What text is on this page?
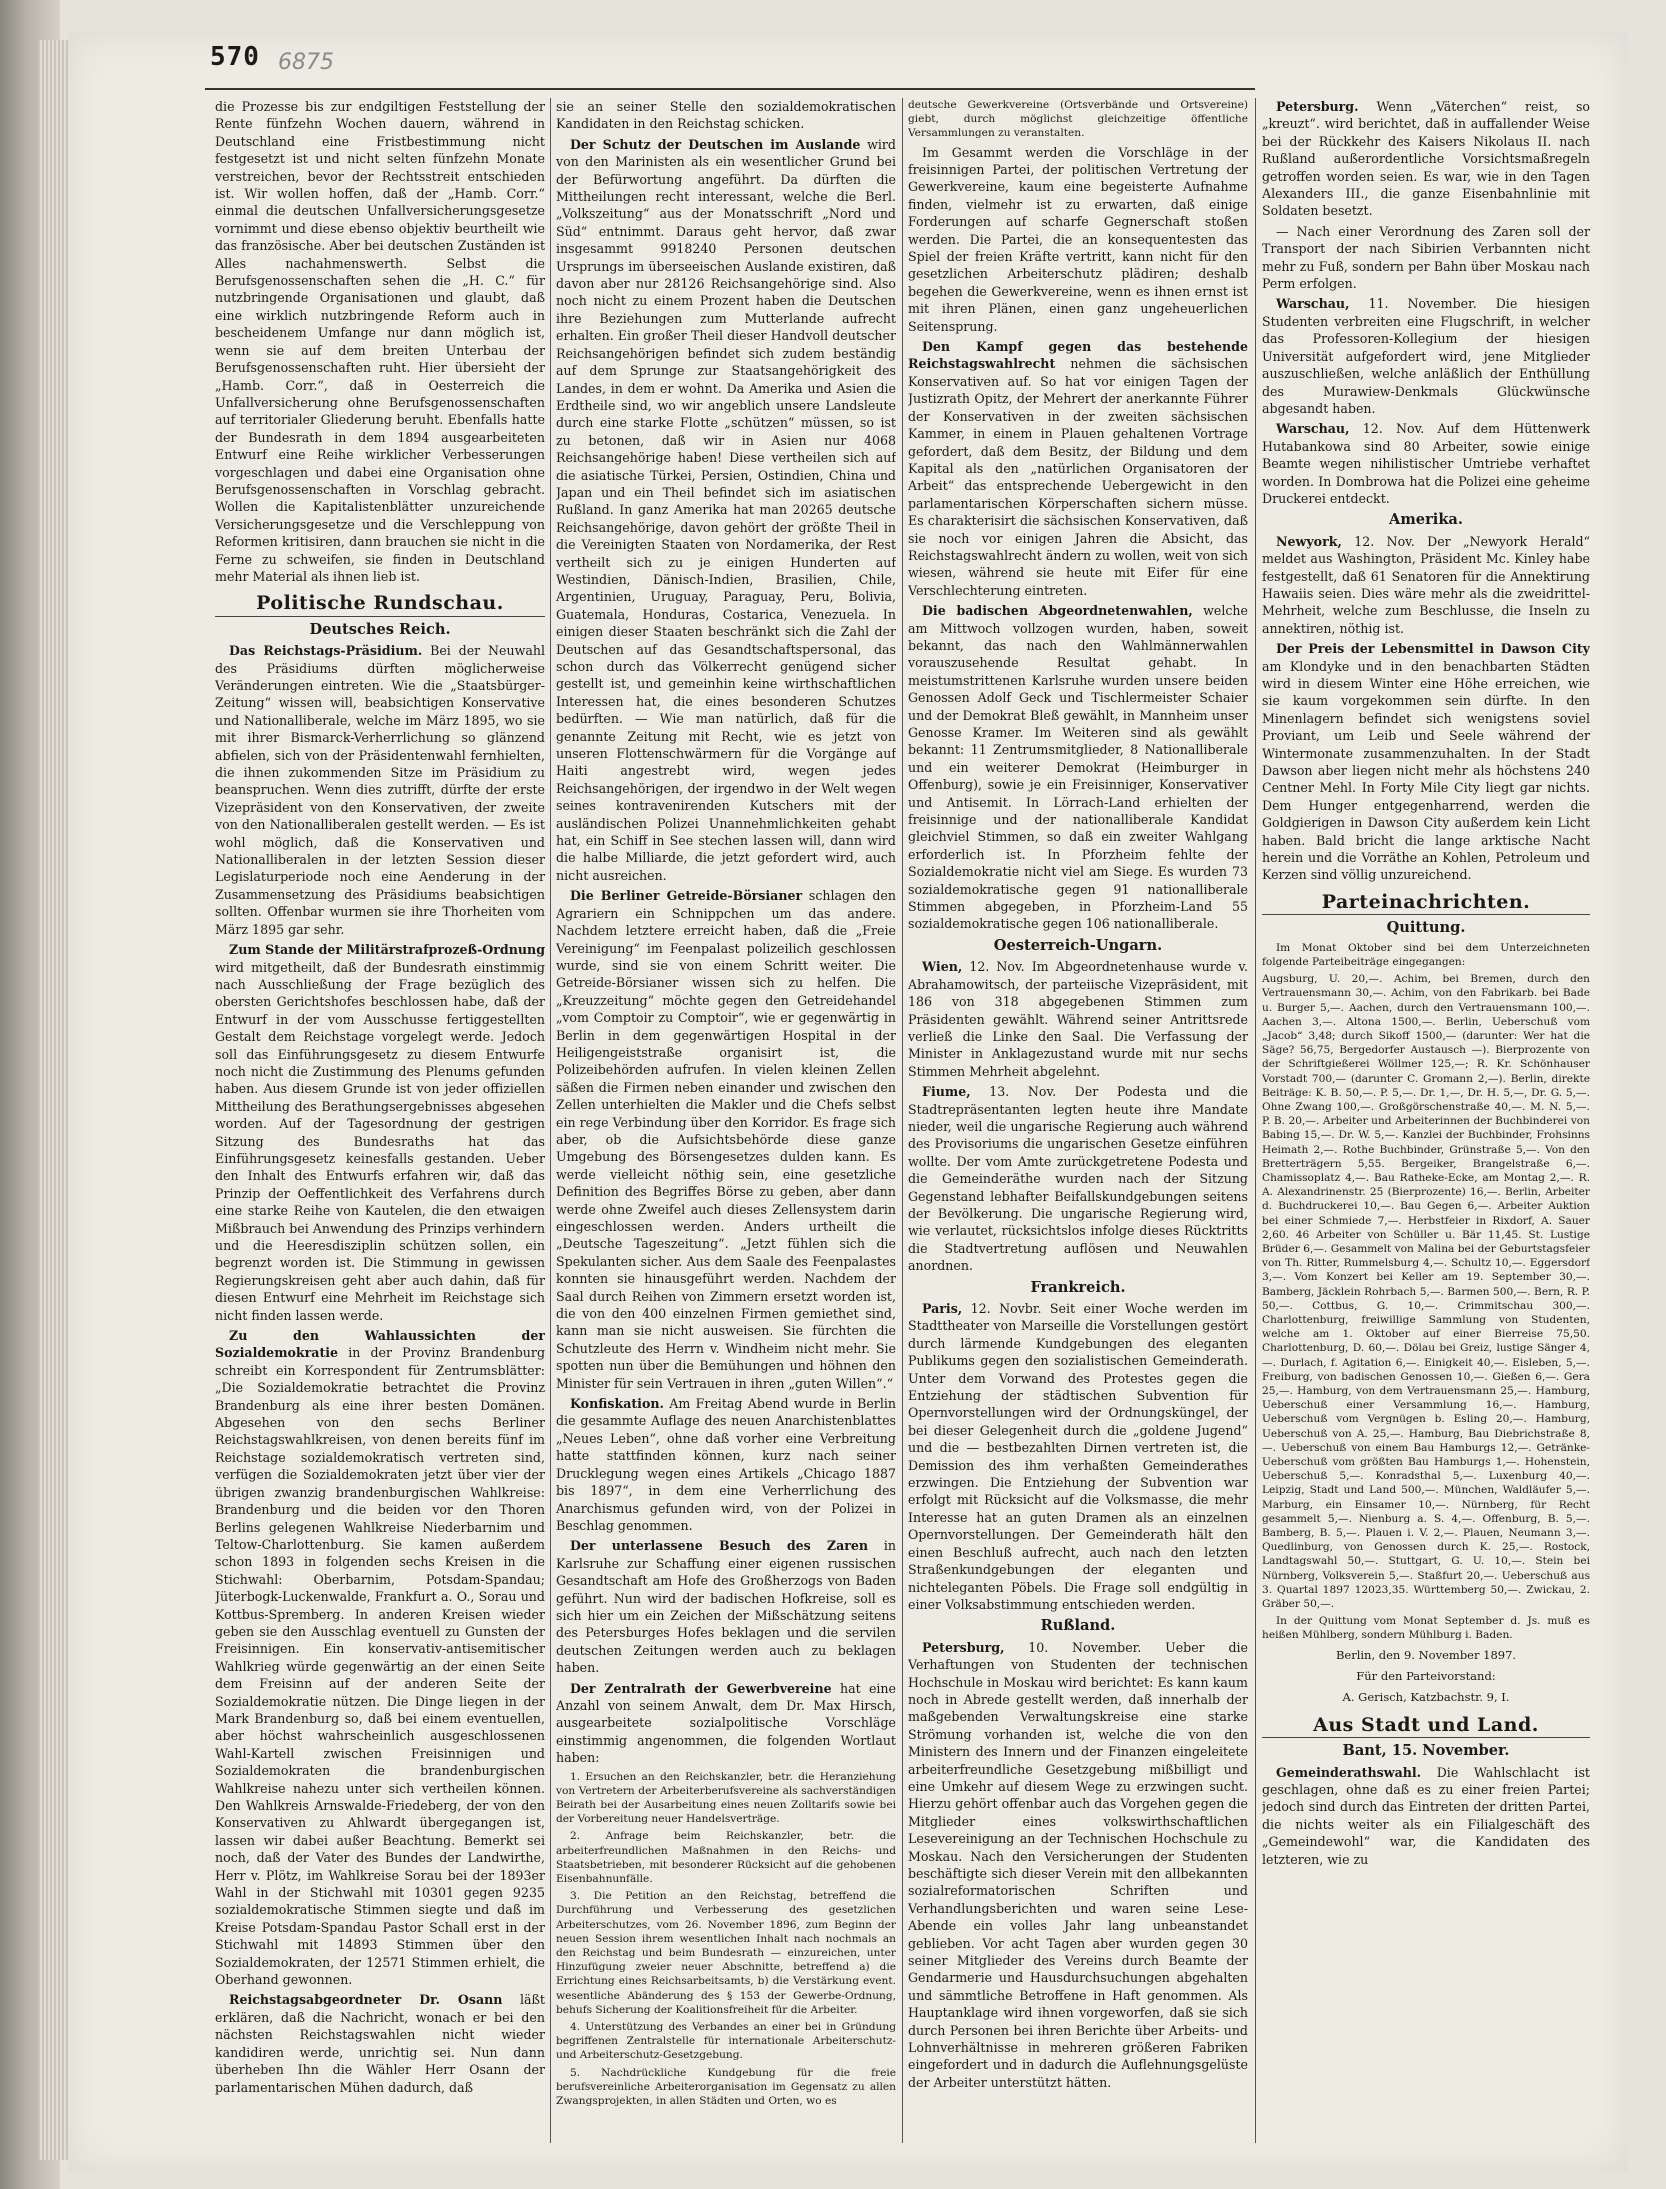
570 6875

die Prozesse bis zur endgiltigen Feststellung der Rente fünfzehn Wochen dauern, während in Deutschland eine Fristbestimmung nicht festgesetzt ist und nicht selten fünfzehn Monate verstreichen, bevor der Rechtsstreit entschieden ist. Wir wollen hoffen, daß der „Hamb. Corr.“ einmal die deutschen Unfallversicherungsgesetze vornimmt und diese ebenso objektiv beurtheilt wie das französische. Aber bei deutschen Zuständen ist Alles nachahmenswerth. Selbst die Berufsgenossenschaften sehen die „H. C.“ für nutzbringende Organisationen und glaubt, daß eine wirklich nutzbringende Reform auch in bescheidenem Umfange nur dann möglich ist, wenn sie auf dem breiten Unterbau der Berufsgenossenschaften ruht. Hier übersieht der „Hamb. Corr.“, daß in Oesterreich die Unfallversicherung ohne Berufsgenossenschaften auf territorialer Gliederung beruht. Ebenfalls hatte der Bundesrath in dem 1894 ausgearbeiteten Entwurf eine Reihe wirklicher Verbesserungen vorgeschlagen und dabei eine Organisation ohne Berufsgenossenschaften in Vorschlag gebracht. Wollen die Kapitalistenblätter unzureichende Versicherungsgesetze und die Verschleppung von Reformen kritisiren, dann brauchen sie nicht in die Ferne zu schweifen, sie finden in Deutschland mehr Material als ihnen lieb ist.

Politische Rundschau.
Deutsches Reich.

Das Reichstags-Präsidium. Bei der Neuwahl des Präsidiums dürften möglicherweise Veränderungen eintreten. Wie die „Staatsbürger-Zeitung“ wissen will, beabsichtigen Konservative und Nationalliberale, welche im März 1895, wo sie mit ihrer Bismarck-Verherrlichung so glänzend abfielen, sich von der Präsidentenwahl fernhielten, die ihnen zukommenden Sitze im Präsidium zu beanspruchen. Wenn dies zutrifft, dürfte der erste Vizepräsident von den Konservativen, der zweite von den Nationalliberalen gestellt werden. — Es ist wohl möglich, daß die Konservativen und Nationalliberalen in der letzten Session dieser Legislaturperiode noch eine Aenderung in der Zusammensetzung des Präsidiums beabsichtigen sollten. Offenbar wurmen sie ihre Thorheiten vom März 1895 gar sehr.

Zum Stande der Militärstrafprozeß-Ordnung wird mitgetheilt, daß der Bundesrath einstimmig nach Ausschließung der Frage bezüglich des obersten Gerichtshofes beschlossen habe, daß der Entwurf in der vom Ausschusse fertiggestellten Gestalt dem Reichstage vorgelegt werde. Jedoch soll das Einführungsgesetz zu diesem Entwurfe noch nicht die Zustimmung des Plenums gefunden haben. Aus diesem Grunde ist von jeder offiziellen Mittheilung des Berathungsergebnisses abgesehen worden. Auf der Tagesordnung der gestrigen Sitzung des Bundesraths hat das Einführungsgesetz keinesfalls gestanden. Ueber den Inhalt des Entwurfs erfahren wir, daß das Prinzip der Oeffentlichkeit des Verfahrens durch eine starke Reihe von Kautelen, die den etwaigen Mißbrauch bei Anwendung des Prinzips verhindern und die Heeresdisziplin schützen sollen, ein begrenzt worden ist. Die Stimmung in gewissen Regierungskreisen geht aber auch dahin, daß für diesen Entwurf eine Mehrheit im Reichstage sich nicht finden lassen werde.

Zu den Wahlaussichten der Sozialdemokratie in der Provinz Brandenburg schreibt ein Korrespondent für Zentrumsblätter: „Die Sozialdemokratie betrachtet die Provinz Brandenburg als eine ihrer besten Domänen. Abgesehen von den sechs Berliner Reichstagswahlkreisen, von denen bereits fünf im Reichstage sozialdemokratisch vertreten sind, verfügen die Sozialdemokraten jetzt über vier der übrigen zwanzig brandenburgischen Wahlkreise: Brandenburg und die beiden vor den Thoren Berlins gelegenen Wahlkreise Niederbarnim und Teltow-Charlottenburg. Sie kamen außerdem schon 1893 in folgenden sechs Kreisen in die Stichwahl: Oberbarnim, Potsdam-Spandau; Jüterbogk-Luckenwalde, Frankfurt a. O., Sorau und Kottbus-Spremberg. In anderen Kreisen wieder geben sie den Ausschlag eventuell zu Gunsten der Freisinnigen. Ein konservativ-antisemitischer Wahlkrieg würde gegenwärtig an der einen Seite dem Freisinn auf der anderen Seite der Sozialdemokratie nützen. Die Dinge liegen in der Mark Brandenburg so, daß bei einem eventuellen, aber höchst wahrscheinlich ausgeschlossenen Wahl-Kartell zwischen Freisinnigen und Sozialdemokraten die brandenburgischen Wahlkreise nahezu unter sich vertheilen können. Den Wahlkreis Arnswalde-Friedeberg, der von den Konservativen zu Ahlwardt übergegangen ist, lassen wir dabei außer Beachtung. Bemerkt sei noch, daß der Vater des Bundes der Landwirthe, Herr v. Plötz, im Wahlkreise Sorau bei der 1893er Wahl in der Stichwahl mit 10301 gegen 9235 sozialdemokratische Stimmen siegte und daß im Kreise Potsdam-Spandau Pastor Schall erst in der Stichwahl mit 14893 Stimmen über den Sozialdemokraten, der 12571 Stimmen erhielt, die Oberhand gewonnen.

Reichstagsabgeordneter Dr. Osann läßt erklären, daß die Nachricht, wonach er bei den nächsten Reichstagswahlen nicht wieder kandidiren werde, unrichtig sei. Nun dann überheben Ihn die Wähler Herr Osann der parlamentarischen Mühen dadurch, daß

sie an seiner Stelle den sozialdemokratischen Kandidaten in den Reichstag schicken.

Der Schutz der Deutschen im Auslande wird von den Marinisten als ein wesentlicher Grund bei der Befürwortung angeführt. Da dürften die Mittheilungen recht interessant, welche die Berl. „Volkszeitung“ aus der Monatsschrift „Nord und Süd“ entnimmt. Daraus geht hervor, daß zwar insgesammt 9918240 Personen deutschen Ursprungs im überseeischen Auslande existiren, daß davon aber nur 28126 Reichsangehörige sind. Also noch nicht zu einem Prozent haben die Deutschen ihre Beziehungen zum Mutterlande aufrecht erhalten. Ein großer Theil dieser Handvoll deutscher Reichsangehörigen befindet sich zudem beständig auf dem Sprunge zur Staatsangehörigkeit des Landes, in dem er wohnt. Da Amerika und Asien die Erdtheile sind, wo wir angeblich unsere Landsleute durch eine starke Flotte „schützen“ müssen, so ist zu betonen, daß wir in Asien nur 4068 Reichsangehörige haben! Diese vertheilen sich auf die asiatische Türkei, Persien, Ostindien, China und Japan und ein Theil befindet sich im asiatischen Rußland. In ganz Amerika hat man 20265 deutsche Reichsangehörige, davon gehört der größte Theil in die Vereinigten Staaten von Nordamerika, der Rest vertheilt sich zu je einigen Hunderten auf Westindien, Dänisch-Indien, Brasilien, Chile, Argentinien, Uruguay, Paraguay, Peru, Bolivia, Guatemala, Honduras, Costarica, Venezuela. In einigen dieser Staaten beschränkt sich die Zahl der Deutschen auf das Gesandtschaftspersonal, das schon durch das Völkerrecht genügend sicher gestellt ist, und gemeinhin keine wirthschaftlichen Interessen hat, die eines besonderen Schutzes bedürften. — Wie man natürlich, daß für die genannte Zeitung mit Recht, wie es jetzt von unseren Flottenschwärmern für die Vorgänge auf Haiti angestrebt wird, wegen jedes Reichsangehörigen, der irgendwo in der Welt wegen seines kontravenirenden Kutschers mit der ausländischen Polizei Unannehmlichkeiten gehabt hat, ein Schiff in See stechen lassen will, dann wird die halbe Milliarde, die jetzt gefordert wird, auch nicht ausreichen.

Die Berliner Getreide-Börsianer schlagen den Agrariern ein Schnippchen um das andere. Nachdem letztere erreicht haben, daß die „Freie Vereinigung“ im Feenpalast polizeilich geschlossen wurde, sind sie von einem Schritt weiter. Die Getreide-Börsianer wissen sich zu helfen. Die „Kreuzzeitung“ möchte gegen den Getreidehandel „vom Comptoir zu Comptoir“, wie er gegenwärtig in Berlin in dem gegenwärtigen Hospital in der Heiligengeiststraße organisirt ist, die Polizeibehörden aufrufen. In vielen kleinen Zellen säßen die Firmen neben einander und zwischen den Zellen unterhielten die Makler und die Chefs selbst ein rege Verbindung über den Korridor. Es frage sich aber, ob die Aufsichtsbehörde diese ganze Umgebung des Börsengesetzes dulden kann. Es werde vielleicht nöthig sein, eine gesetzliche Definition des Begriffes Börse zu geben, aber dann werde ohne Zweifel auch dieses Zellensystem darin eingeschlossen werden. Anders urtheilt die „Deutsche Tageszeitung“. „Jetzt fühlen sich die Spekulanten sicher. Aus dem Saale des Feenpalastes konnten sie hinausgeführt werden. Nachdem der Saal durch Reihen von Zimmern ersetzt worden ist, die von den 400 einzelnen Firmen gemiethet sind, kann man sie nicht ausweisen. Sie fürchten die Schutzleute des Herrn v. Windheim nicht mehr. Sie spotten nun über die Bemühungen und höhnen den Minister für sein Vertrauen in ihren „guten Willen“.“

Konfiskation. Am Freitag Abend wurde in Berlin die gesammte Auflage des neuen Anarchistenblattes „Neues Leben“, ohne daß vorher eine Verbreitung hatte stattfinden können, kurz nach seiner Drucklegung wegen eines Artikels „Chicago 1887 bis 1897“, in dem eine Verherrlichung des Anarchismus gefunden wird, von der Polizei in Beschlag genommen.

Der unterlassene Besuch des Zaren in Karlsruhe zur Schaffung einer eigenen russischen Gesandtschaft am Hofe des Großherzogs von Baden geführt. Nun wird der badischen Hofkreise, soll es sich hier um ein Zeichen der Mißschätzung seitens des Petersburges Hofes beklagen und die servilen deutschen Zeitungen werden auch zu beklagen haben.

Der Zentralrath der Gewerbvereine hat eine Anzahl von seinem Anwalt, dem Dr. Max Hirsch, ausgearbeitete sozialpolitische Vorschläge einstimmig angenommen, die folgenden Wortlaut haben:

1. Ersuchen an den Reichskanzler, betr. die Heranziehung von Vertretern der Arbeiterberufsvereine als sachverständigen Beirath bei der Ausarbeitung eines neuen Zolltarifs sowie bei der Vorbereitung neuer Handelsverträge.

2. Anfrage beim Reichskanzler, betr. die arbeiterfreundlichen Maßnahmen in den Reichs- und Staatsbetrieben, mit besonderer Rücksicht auf die gehobenen Eisenbahnunfälle.

3. Die Petition an den Reichstag, betreffend die Durchführung und Verbesserung des gesetzlichen Arbeiterschutzes, vom 26. November 1896, zum Beginn der neuen Session ihrem wesentlichen Inhalt nach nochmals an den Reichstag und beim Bundesrath — einzureichen, unter Hinzufügung zweier neuer Abschnitte, betreffend a) die Errichtung eines Reichsarbeitsamts, b) die Verstärkung event. wesentliche Abänderung des § 153 der Gewerbe-Ordnung, behufs Sicherung der Koalitionsfreiheit für die Arbeiter.

4. Unterstützung des Verbandes an einer bei in Gründung begriffenen Zentralstelle für internationale Arbeiterschutz- und Arbeiterschutz-Gesetzgebung.

5. Nachdrückliche Kundgebung für die freie berufsvereinliche Arbeiterorganisation im Gegensatz zu allen Zwangsprojekten, in allen Städten und Orten, wo es

deutsche Gewerkvereine (Ortsverbände und Ortsvereine) giebt, durch möglichst gleichzeitige öffentliche Versammlungen zu veranstalten.

Im Gesammt werden die Vorschläge in der freisinnigen Partei, der politischen Vertretung der Gewerkvereine, kaum eine begeisterte Aufnahme finden, vielmehr ist zu erwarten, daß einige Forderungen auf scharfe Gegnerschaft stoßen werden. Die Partei, die an konsequentesten das Spiel der freien Kräfte vertritt, kann nicht für den gesetzlichen Arbeiterschutz plädiren; deshalb begehen die Gewerkvereine, wenn es ihnen ernst ist mit ihren Plänen, einen ganz ungeheuerlichen Seitensprung.

Den Kampf gegen das bestehende Reichstagswahlrecht nehmen die sächsischen Konservativen auf. So hat vor einigen Tagen der Justizrath Opitz, der Mehrert der anerkannte Führer der Konservativen in der zweiten sächsischen Kammer, in einem in Plauen gehaltenen Vortrage gefordert, daß dem Besitz, der Bildung und dem Kapital als den „natürlichen Organisatoren der Arbeit“ das entsprechende Uebergewicht in den parlamentarischen Körperschaften sichern müsse. Es charakterisirt die sächsischen Konservativen, daß sie noch vor einigen Jahren die Absicht, das Reichstagswahlrecht ändern zu wollen, weit von sich wiesen, während sie heute mit Eifer für eine Verschlechterung eintreten.

Die badischen Abgeordnetenwahlen, welche am Mittwoch vollzogen wurden, haben, soweit bekannt, das nach den Wahlmännerwahlen vorauszusehende Resultat gehabt. In meistumstrittenen Karlsruhe wurden unsere beiden Genossen Adolf Geck und Tischlermeister Schaier und der Demokrat Bleß gewählt, in Mannheim unser Genosse Kramer. Im Weiteren sind als gewählt bekannt: 11 Zentrumsmitglieder, 8 Nationalliberale und ein weiterer Demokrat (Heimburger in Offenburg), sowie je ein Freisinniger, Konservativer und Antisemit. In Lörrach-Land erhielten der freisinnige und der nationalliberale Kandidat gleichviel Stimmen, so daß ein zweiter Wahlgang erforderlich ist. In Pforzheim fehlte der Sozialdemokratie nicht viel am Siege. Es wurden 73 sozialdemokratische gegen 91 nationalliberale Stimmen abgegeben, in Pforzheim-Land 55 sozialdemokratische gegen 106 nationalliberale.

Oesterreich-Ungarn.

Wien, 12. Nov. Im Abgeordnetenhause wurde v. Abrahamowitsch, der parteiische Vizepräsident, mit 186 von 318 abgegebenen Stimmen zum Präsidenten gewählt. Während seiner Antrittsrede verließ die Linke den Saal. Die Verfassung der Minister in Anklagezustand wurde mit nur sechs Stimmen Mehrheit abgelehnt.

Fiume, 13. Nov. Der Podesta und die Stadtrepräsentanten legten heute ihre Mandate nieder, weil die ungarische Regierung auch während des Provisoriums die ungarischen Gesetze einführen wollte. Der vom Amte zurückgetretene Podesta und die Gemeinderäthe wurden nach der Sitzung Gegenstand lebhafter Beifallskundgebungen seitens der Bevölkerung. Die ungarische Regierung wird, wie verlautet, rücksichtslos infolge dieses Rücktritts die Stadtvertretung auflösen und Neuwahlen anordnen.

Frankreich.

Paris, 12. Novbr. Seit einer Woche werden im Stadttheater von Marseille die Vorstellungen gestört durch lärmende Kundgebungen des eleganten Publikums gegen den sozialistischen Gemeinderath. Unter dem Vorwand des Protestes gegen die Entziehung der städtischen Subvention für Opernvorstellungen wird der Ordnungsküngel, der bei dieser Gelegenheit durch die „goldene Jugend“ und die — bestbezahlten Dirnen vertreten ist, die Demission des ihm verhaßten Gemeinderathes erzwingen. Die Entziehung der Subvention war erfolgt mit Rücksicht auf die Volksmasse, die mehr Interesse hat an guten Dramen als an einzelnen Opernvorstellungen. Der Gemeinderath hält den einen Beschluß aufrecht, auch nach den letzten Straßenkundgebungen der eleganten und nichteleganten Pöbels. Die Frage soll endgültig in einer Volksabstimmung entschieden werden.

Rußland.

Petersburg, 10. November. Ueber die Verhaftungen von Studenten der technischen Hochschule in Moskau wird berichtet: Es kann kaum noch in Abrede gestellt werden, daß innerhalb der maßgebenden Verwaltungskreise eine starke Strömung vorhanden ist, welche die von den Ministern des Innern und der Finanzen eingeleitete arbeiterfreundliche Gesetzgebung mißbilligt und eine Umkehr auf diesem Wege zu erzwingen sucht. Hierzu gehört offenbar auch das Vorgehen gegen die Mitglieder eines volkswirthschaftlichen Lesevereinigung an der Technischen Hochschule zu Moskau. Nach den Versicherungen der Studenten beschäftigte sich dieser Verein mit den allbekannten sozialreformatorischen Schriften und Verhandlungsberichten und waren seine Lese-Abende ein volles Jahr lang unbeanstandet geblieben. Vor acht Tagen aber wurden gegen 30 seiner Mitglieder des Vereins durch Beamte der Gendarmerie und Hausdurchsuchungen abgehalten und sämmtliche Betroffene in Haft genommen. Als Hauptanklage wird ihnen vorgeworfen, daß sie sich durch Personen bei ihren Berichte über Arbeits- und Lohnverhältnisse in mehreren größeren Fabriken eingefordert und in dadurch die Auflehnungsgelüste der Arbeiter unterstützt hätten.

Petersburg. Wenn „Väterchen“ reist, so „kreuzt“. wird berichtet, daß in auffallender Weise bei der Rückkehr des Kaisers Nikolaus II. nach Rußland außerordentliche Vorsichtsmaßregeln getroffen worden seien. Es war, wie in den Tagen Alexanders III., die ganze Eisenbahnlinie mit Soldaten besetzt.

— Nach einer Verordnung des Zaren soll der Transport der nach Sibirien Verbannten nicht mehr zu Fuß, sondern per Bahn über Moskau nach Perm erfolgen.

Warschau, 11. November. Die hiesigen Studenten verbreiten eine Flugschrift, in welcher das Professoren-Kollegium der hiesigen Universität aufgefordert wird, jene Mitglieder auszuschließen, welche anläßlich der Enthüllung des Murawiew-Denkmals Glückwünsche abgesandt haben.

Warschau, 12. Nov. Auf dem Hüttenwerk Hutabankowa sind 80 Arbeiter, sowie einige Beamte wegen nihilistischer Umtriebe verhaftet worden. In Dombrowa hat die Polizei eine geheime Druckerei entdeckt.

Amerika.

Newyork, 12. Nov. Der „Newyork Herald“ meldet aus Washington, Präsident Mc. Kinley habe festgestellt, daß 61 Senatoren für die Annektirung Hawaiis seien. Dies wäre mehr als die zweidrittel-Mehrheit, welche zum Beschlusse, die Inseln zu annektiren, nöthig ist.

Der Preis der Lebensmittel in Dawson City am Klondyke und in den benachbarten Städten wird in diesem Winter eine Höhe erreichen, wie sie kaum vorgekommen sein dürfte. In den Minenlagern befindet sich wenigstens soviel Proviant, um Leib und Seele während der Wintermonate zusammenzuhalten. In der Stadt Dawson aber liegen nicht mehr als höchstens 240 Centner Mehl. In Forty Mile City liegt gar nichts. Dem Hunger entgegenharrend, werden die Goldgierigen in Dawson City außerdem kein Licht haben. Bald bricht die lange arktische Nacht herein und die Vorräthe an Kohlen, Petroleum und Kerzen sind völlig unzureichend.

Parteinachrichten.
Quittung.

Im Monat Oktober sind bei dem Unterzeichneten folgende Parteibeiträge eingegangen:

Augsburg, U. 20,—. Achim, bei Bremen, durch den Vertrauensmann 30,—. Achim, von den Fabrikarb. bei Bade u. Burger 5,—. Aachen, durch den Vertrauensmann 100,—. Aachen 3,—. Altona 1500,—. Berlin, Ueberschuß vom „Jacob“ 3,48; durch Sikoff 1500,— (darunter: Wer hat die Säge? 56,75, Bergedorfer Austausch —). Bierprozente von der Schriftgießerei Wöllmer 125,—; R. Kr. Schönhauser Vorstadt 700,— (darunter C. Gromann 2,—). Berlin, direkte Beiträge: K. B. 50,—. P. 5,—. Dr. 1,—, Dr. H. 5,—, Dr. G. 5,—. Ohne Zwang 100,—. Großgörschenstraße 40,—. M. N. 5,—. P. B. 20,—. Arbeiter und Arbeiterinnen der Buchbinderei von Babing 15,—. Dr. W. 5,—. Kanzlei der Buchbinder, Frohsinns Heimath 2,—. Rothe Buchbinder, Grünstraße 5,—. Von den Bretterträgern 5,55. Bergeiker, Brangelstraße 6,—. Chamissoplatz 4,—. Bau Ratheke-Ecke, am Montag 2,—. R. A. Alexandrinenstr. 25 (Bierprozente) 16,—. Berlin, Arbeiter d. Buchdruckerei 10,—. Bau Gegen 6,—. Arbeiter Auktion bei einer Schmiede 7,—. Herbstfeier in Rixdorf, A. Sauer 2,60. 46 Arbeiter von Schüller u. Bär 11,45. St. Lustige Brüder 6,—. Gesammelt von Malina bei der Geburtstagsfeier von Th. Ritter, Rummelsburg 4,—. Schultz 10,—. Eggersdorf 3,—. Vom Konzert bei Keller am 19. September 30,—. Bamberg, Jäcklein Rohrbach 5,—. Barmen 500,—. Bern, R. P. 50,—. Cottbus, G. 10,—. Crimmitschau 300,—. Charlottenburg, freiwillige Sammlung von Studenten, welche am 1. Oktober auf einer Bierreise 75,50. Charlottenburg, D. 60,—. Dölau bei Greiz, lustige Sänger 4,—. Durlach, f. Agitation 6,—. Einigkeit 40,—. Eisleben, 5,—. Freiburg, von badischen Genossen 10,—. Gießen 6,—. Gera 25,—. Hamburg, von dem Vertrauensmann 25,—. Hamburg, Ueberschuß einer Versammlung 16,—. Hamburg, Ueberschuß vom Vergnügen b. Esling 20,—. Hamburg, Ueberschuß von A. 25,—. Hamburg, Bau Diebrichstraße 8,—. Ueberschuß von einem Bau Hamburgs 12,—. Getränke-Ueberschuß vom größten Bau Hamburgs 1,—. Hohenstein, Ueberschuß 5,—. Konradsthal 5,—. Luxenburg 40,—. Leipzig, Stadt und Land 500,—. München, Waldläufer 5,—. Marburg, ein Einsamer 10,—. Nürnberg, für Recht gesammelt 5,—. Nienburg a. S. 4,—. Offenburg, B. 5,—. Bamberg, B. 5,—. Plauen i. V. 2,—. Plauen, Neumann 3,—. Quedlinburg, von Genossen durch K. 25,—. Rostock, Landtagswahl 50,—. Stuttgart, G. U. 10,—. Stein bei Nürnberg, Volksverein 5,—. Staßfurt 20,—. Ueberschuß aus 3. Quartal 1897 12023,35. Württemberg 50,—. Zwickau, 2. Gräber 50,—.

In der Quittung vom Monat September d. Js. muß es heißen Mühlberg, sondern Mühlburg i. Baden.

Berlin, den 9. November 1897.
Für den Parteivorstand:
A. Gerisch, Katzbachstr. 9, I.
Aus Stadt und Land.
Bant, 15. November.

Gemeinderathswahl. Die Wahlschlacht ist geschlagen, ohne daß es zu einer freien Partei; jedoch sind durch das Eintreten der dritten Partei, die nichts weiter als ein Filialgeschäft des „Gemeindewohl“ war, die Kandidaten des letzteren, wie zu
